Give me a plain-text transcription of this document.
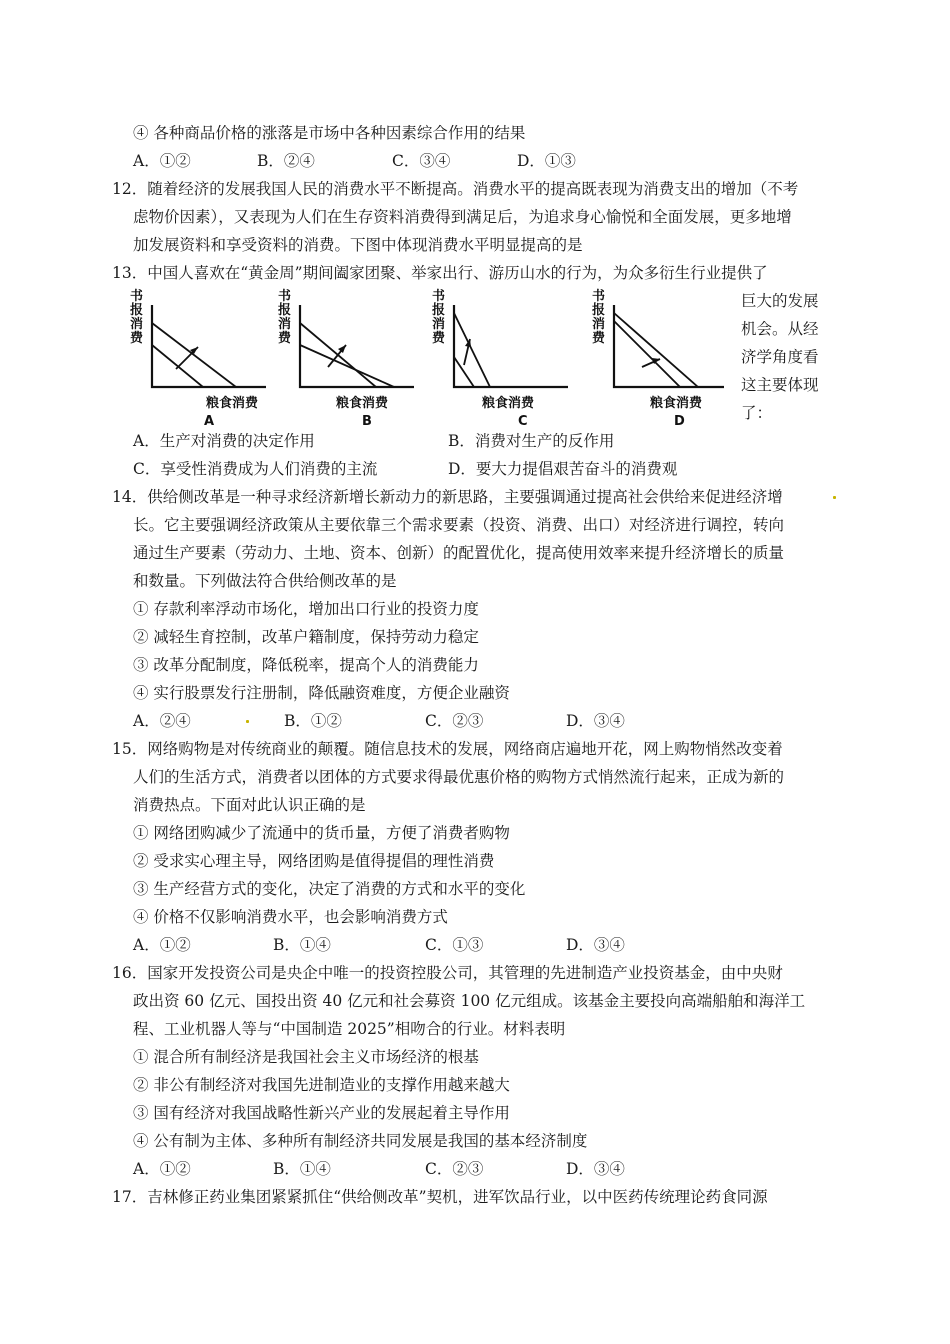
④ 各种商品价格的涨落是市场中各种因素综合作用的结果
A．①②	B．②④	C．③④	D．①③
12．随着经济的发展我国人民的消费水平不断提高。消费水平的提高既表现为消费支出的增加（不考
虑物价因素），又表现为人们在生存资料消费得到满足后，为追求身心愉悦和全面发展，更多地增
加发展资料和享受资料的消费。下图中体现消费水平明显提高的是
13．中国人喜欢在“黄金周”期间阖家团聚、举家出行、游历山水的行为，为众多衍生行业提供了
巨大的发展
机会。从经
济学角度看
这主要体现
了：
书报消费
粮食消费
A
书报消费
粮食消费
B
书报消费
粮食消费
C
书报消费
粮食消费
D
A．生产对消费的决定作用	B．消费对生产的反作用
C．享受性消费成为人们消费的主流	D．要大力提倡艰苦奋斗的消费观
14．供给侧改革是一种寻求经济新增长新动力的新思路，主要强调通过提高社会供给来促进经济增
长。它主要强调经济政策从主要依靠三个需求要素（投资、消费、出口）对经济进行调控，转向
通过生产要素（劳动力、土地、资本、创新）的配置优化，提高使用效率来提升经济增长的质量
和数量。下列做法符合供给侧改革的是
① 存款利率浮动市场化，增加出口行业的投资力度
② 减轻生育控制，改革户籍制度，保持劳动力稳定
③ 改革分配制度，降低税率，提高个人的消费能力
④ 实行股票发行注册制，降低融资难度，方便企业融资
A．②④	B．①②	C．②③	D．③④
15．网络购物是对传统商业的颠覆。随信息技术的发展，网络商店遍地开花，网上购物悄然改变着
人们的生活方式，消费者以团体的方式要求得最优惠价格的购物方式悄然流行起来，正成为新的
消费热点。下面对此认识正确的是
① 网络团购减少了流通中的货币量，方便了消费者购物
② 受求实心理主导，网络团购是值得提倡的理性消费
③ 生产经营方式的变化，决定了消费的方式和水平的变化
④ 价格不仅影响消费水平，也会影响消费方式
A．①②	B．①④	C．①③	D．③④
16．国家开发投资公司是央企中唯一的投资控股公司，其管理的先进制造产业投资基金，由中央财
政出资 60 亿元、国投出资 40 亿元和社会募资 100 亿元组成。该基金主要投向高端船舶和海洋工
程、工业机器人等与“中国制造 2025”相吻合的行业。材料表明
① 混合所有制经济是我国社会主义市场经济的根基
② 非公有制经济对我国先进制造业的支撑作用越来越大
③ 国有经济对我国战略性新兴产业的发展起着主导作用
④ 公有制为主体、多种所有制经济共同发展是我国的基本经济制度
A．①②	B．①④	C．②③	D．③④
17．吉林修正药业集团紧紧抓住“供给侧改革”契机，进军饮品行业，以中医药传统理论药食同源
